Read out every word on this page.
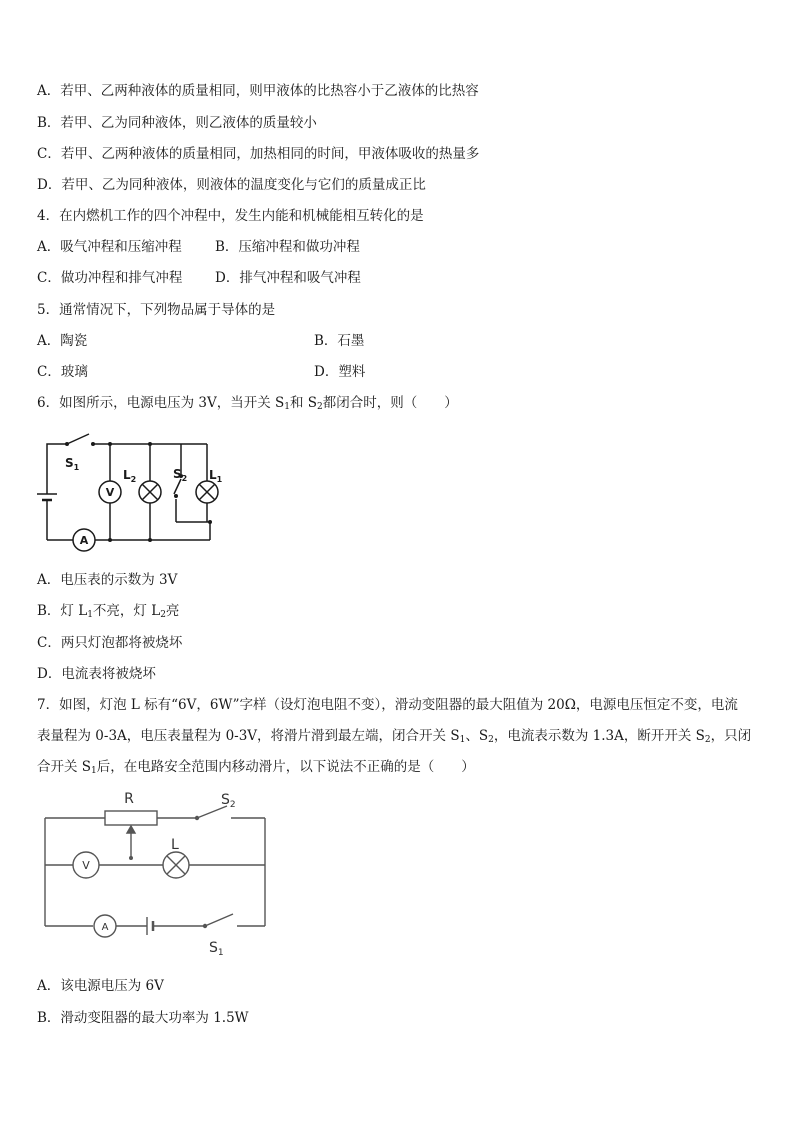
A．若甲、乙两种液体的质量相同，则甲液体的比热容小于乙液体的比热容
B．若甲、乙为同种液体，则乙液体的质量较小
C．若甲、乙两种液体的质量相同，加热相同的时间，甲液体吸收的热量多
D．若甲、乙为同种液体，则液体的温度变化与它们的质量成正比
4．在内燃机工作的四个冲程中，发生内能和机械能相互转化的是
A．吸气冲程和压缩冲程 B．压缩冲程和做功冲程
C．做功冲程和排气冲程 D．排气冲程和吸气冲程
5．通常情况下，下列物品属于导体的是
A．陶瓷	B．石墨
C．玻璃	D．塑料
6．如图所示，电源电压为 3V，当开关 $S_1$和 $S_2$都闭合时，则（　　）
$S_1$
$L_2$	$S_2$ $L_1$
V
A
A．电压表的示数为 3V
B．灯 $L_1$不亮，灯 $L_2$亮
C．两只灯泡都将被烧坏
D．电流表将被烧坏
7．如图，灯泡 L 标有“6V，6W”字样（设灯泡电阻不变），滑动变阻器的最大阻值为 20Ω，电源电压恒定不变，电流
表量程为 0-3A，电压表量程为 0-3V，将滑片滑到最左端，闭合开关 $S_1$、$S_2$，电流表示数为 1.3A，断开开关 $S_2$，只闭
合开关 $S_1$后，在电路安全范围内移动滑片，以下说法不正确的是（　　）
R	$S_2$
L
V
A
$S_1$
A．该电源电压为 6V
B．滑动变阻器的最大功率为 1.5W
